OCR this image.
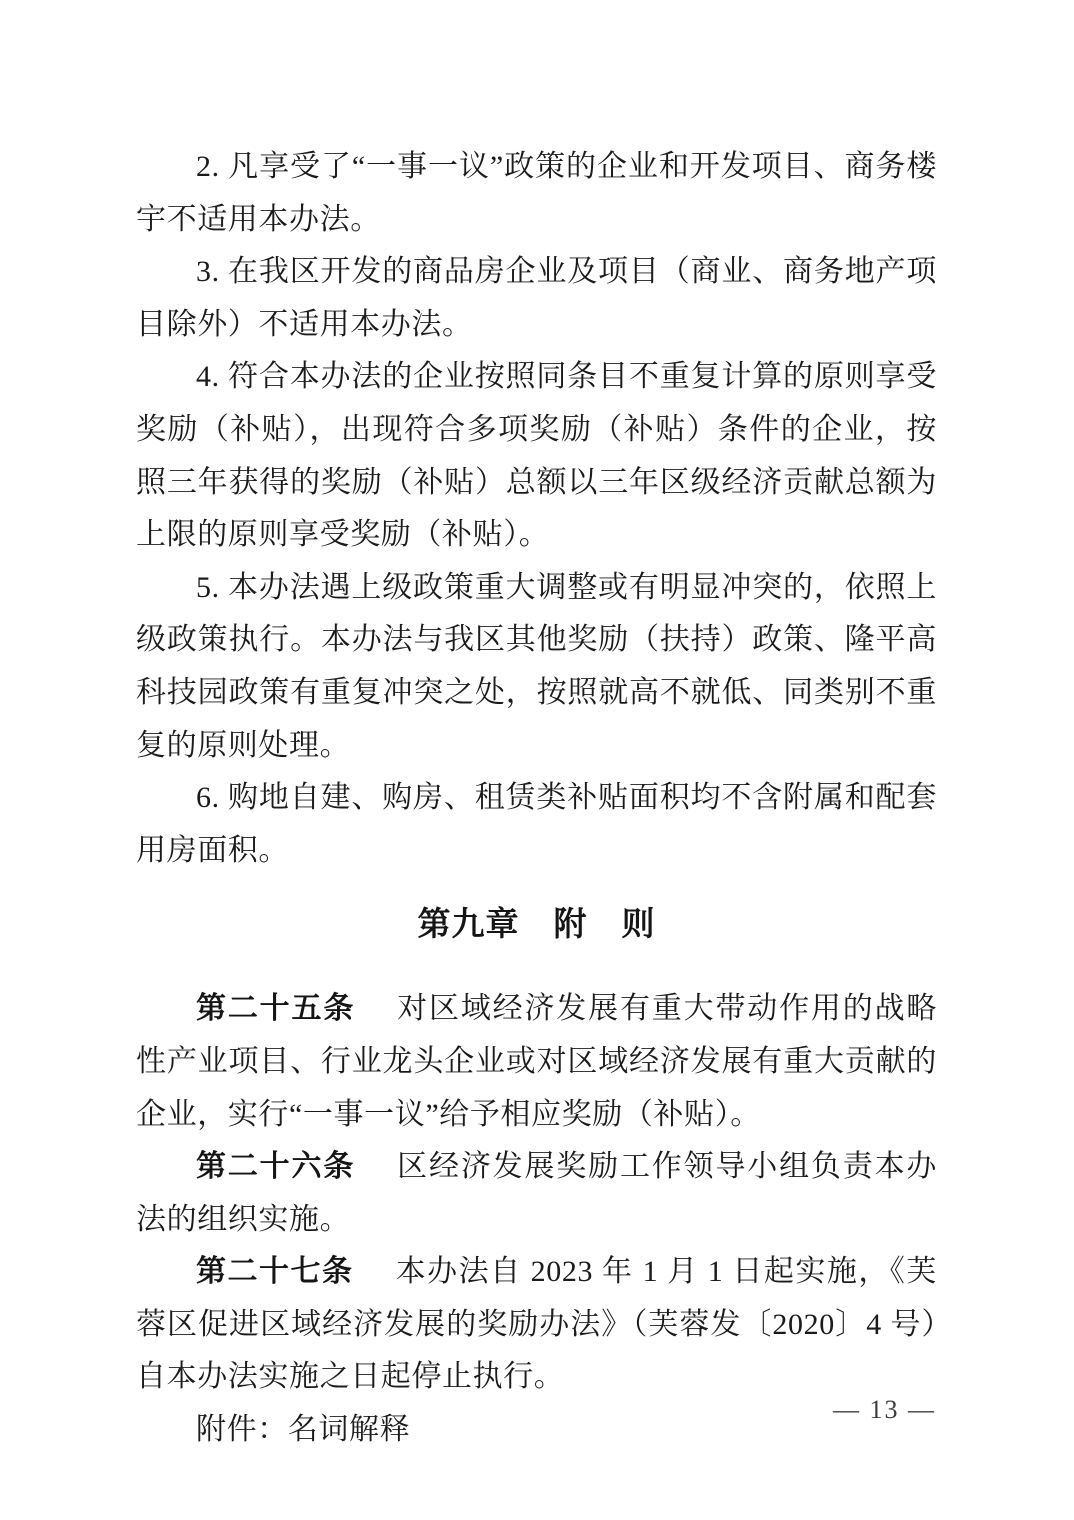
2. 凡享受了“一事一议”政策的企业和开发项目、商务楼宇不适用本办法。

3. 在我区开发的商品房企业及项目（商业、商务地产项目除外）不适用本办法。

4. 符合本办法的企业按照同条目不重复计算的原则享受奖励（补贴），出现符合多项奖励（补贴）条件的企业，按照三年获得的奖励（补贴）总额以三年区级经济贡献总额为上限的原则享受奖励（补贴）。

5. 本办法遇上级政策重大调整或有明显冲突的，依照上级政策执行。本办法与我区其他奖励（扶持）政策、隆平高科技园政策有重复冲突之处，按照就高不就低、同类别不重复的原则处理。

6. 购地自建、购房、租赁类补贴面积均不含附属和配套用房面积。

第九章　附　则

第二十五条 对区域经济发展有重大带动作用的战略性产业项目、行业龙头企业或对区域经济发展有重大贡献的企业，实行“一事一议”给予相应奖励（补贴）。

第二十六条 区经济发展奖励工作领导小组负责本办法的组织实施。

第二十七条 本办法自 2023 年 1 月 1 日起实施，《芙蓉区促进区域经济发展的奖励办法》（芙蓉发〔2020〕4 号）自本办法实施之日起停止执行。

附件：名词解释

— 13 —
